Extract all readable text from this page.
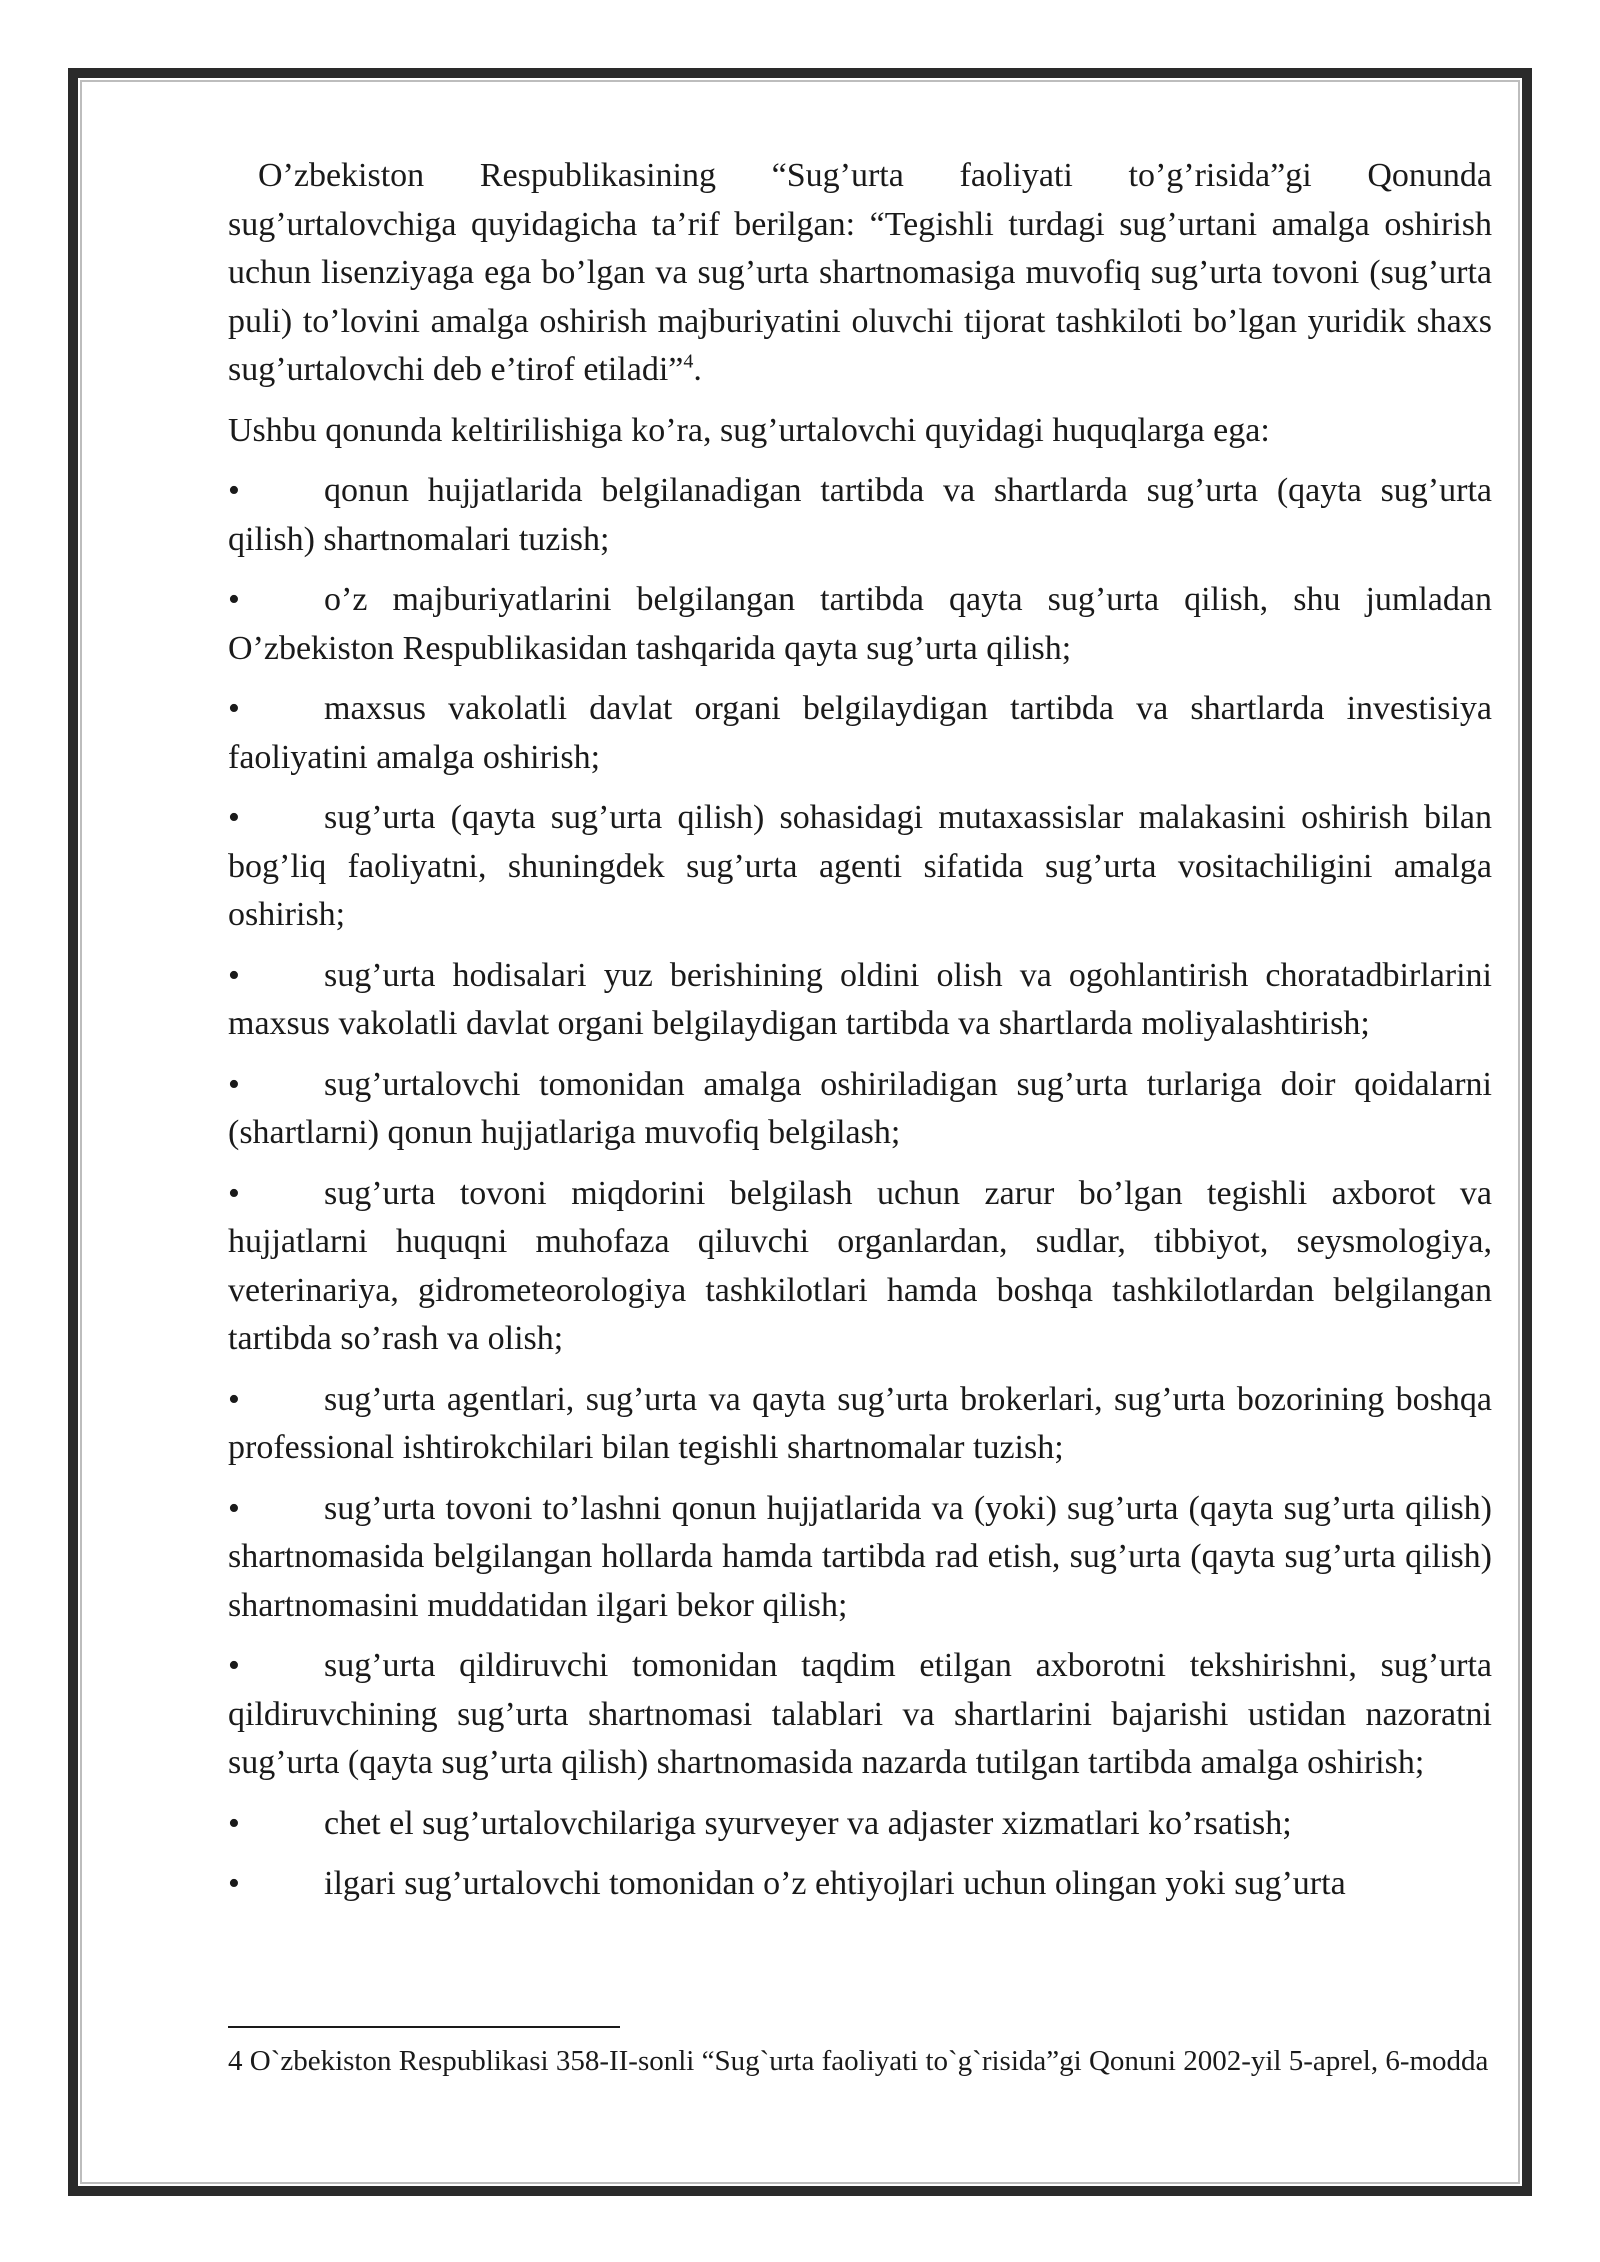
O’zbekiston Respublikasining “Sug’urta faoliyati to’g’risida”gi Qonunda sug’urtalovchiga quyidagicha ta’rif berilgan: “Tegishli turdagi sug’urtani amalga oshirish uchun lisenziyaga ega bo’lgan va sug’urta shartnomasiga muvofiq sug’urta tovoni (sug’urta puli) to’lovini amalga oshirish majburiyatini oluvchi tijorat tashkiloti bo’lgan yuridik shaxs sug’urtalovchi deb e’tirof etiladi”$^4$.

Ushbu qonunda keltirilishiga ko’ra, sug’urtalovchi quyidagi huquqlarga ega:

• qonun hujjatlarida belgilanadigan tartibda va shartlarda sug’urta (qayta sug’urta qilish) shartnomalari tuzish;
• o’z majburiyatlarini belgilangan tartibda qayta sug’urta qilish, shu jumladan O’zbekiston Respublikasidan tashqarida qayta sug’urta qilish;
• maxsus vakolatli davlat organi belgilaydigan tartibda va shartlarda investisiya faoliyatini amalga oshirish;
• sug’urta (qayta sug’urta qilish) sohasidagi mutaxassislar malakasini oshirish bilan bog’liq faoliyatni, shuningdek sug’urta agenti sifatida sug’urta vositachiligini amalga oshirish;
• sug’urta hodisalari yuz berishining oldini olish va ogohlantirish choratadbirlarini maxsus vakolatli davlat organi belgilaydigan tartibda va shartlarda moliyalashtirish;
• sug’urtalovchi tomonidan amalga oshiriladigan sug’urta turlariga doir qoidalarni (shartlarni) qonun hujjatlariga muvofiq belgilash;
• sug’urta tovoni miqdorini belgilash uchun zarur bo’lgan tegishli axborot va hujjatlarni huquqni muhofaza qiluvchi organlardan, sudlar, tibbiyot, seysmologiya, veterinariya, gidrometeorologiya tashkilotlari hamda boshqa tashkilotlardan belgilangan tartibda so’rash va olish;
• sug’urta agentlari, sug’urta va qayta sug’urta brokerlari, sug’urta bozorining boshqa professional ishtirokchilari bilan tegishli shartnomalar tuzish;
• sug’urta tovoni to’lashni qonun hujjatlarida va (yoki) sug’urta (qayta sug’urta qilish) shartnomasida belgilangan hollarda hamda tartibda rad etish, sug’urta (qayta sug’urta qilish) shartnomasini muddatidan ilgari bekor qilish;
• sug’urta qildiruvchi tomonidan taqdim etilgan axborotni tekshirishni, sug’urta qildiruvchining sug’urta shartnomasi talablari va shartlarini bajarishi ustidan nazoratni sug’urta (qayta sug’urta qilish) shartnomasida nazarda tutilgan tartibda amalga oshirish;
• chet el sug’urtalovchilariga syurveyer va adjaster xizmatlari ko’rsatish;
• ilgari sug’urtalovchi tomonidan o’z ehtiyojlari uchun olingan yoki sug’urta
4 O`zbekiston Respublikasi 358-II-sonli “Sug`urta faoliyati to`g`risida”gi Qonuni 2002-yil 5-aprel, 6-modda
